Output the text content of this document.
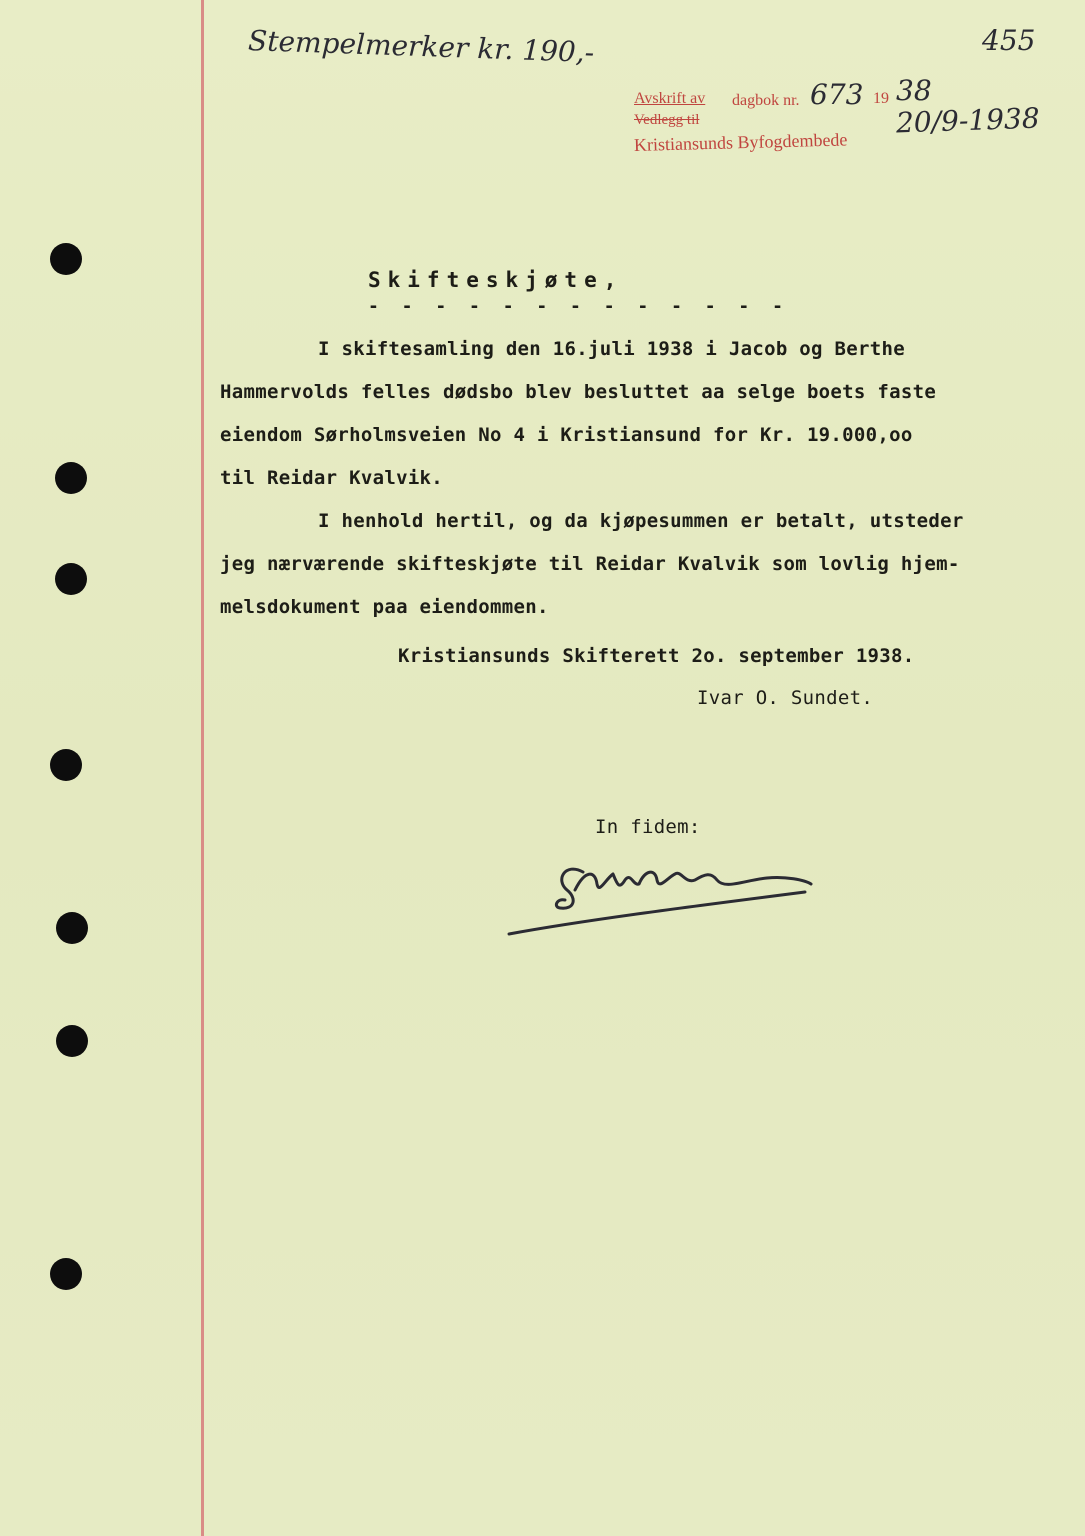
Stempelmerker kr. 190,-	455
Avskrift av dagbok nr. 673 19 38
Vedlegg til
Kristiansunds Byfogdembede
20/9-1938
Skifteskjøte,
- - - - - - - - - - - - -
I skiftesamling den 16.juli 1938 i Jacob og Berthe
Hammervolds felles dødsbo blev besluttet aa selge boets faste
eiendom Sørholmsveien No 4 i Kristiansund for Kr. 19.000,oo
til Reidar Kvalvik.
I henhold hertil, og da kjøpesummen er betalt, utsteder
jeg nærværende skifteskjøte til Reidar Kvalvik som lovlig hjem-
melsdokument paa eiendommen.
Kristiansunds Skifterett 2o. september 1938.
Ivar O. Sundet.
In fidem:
